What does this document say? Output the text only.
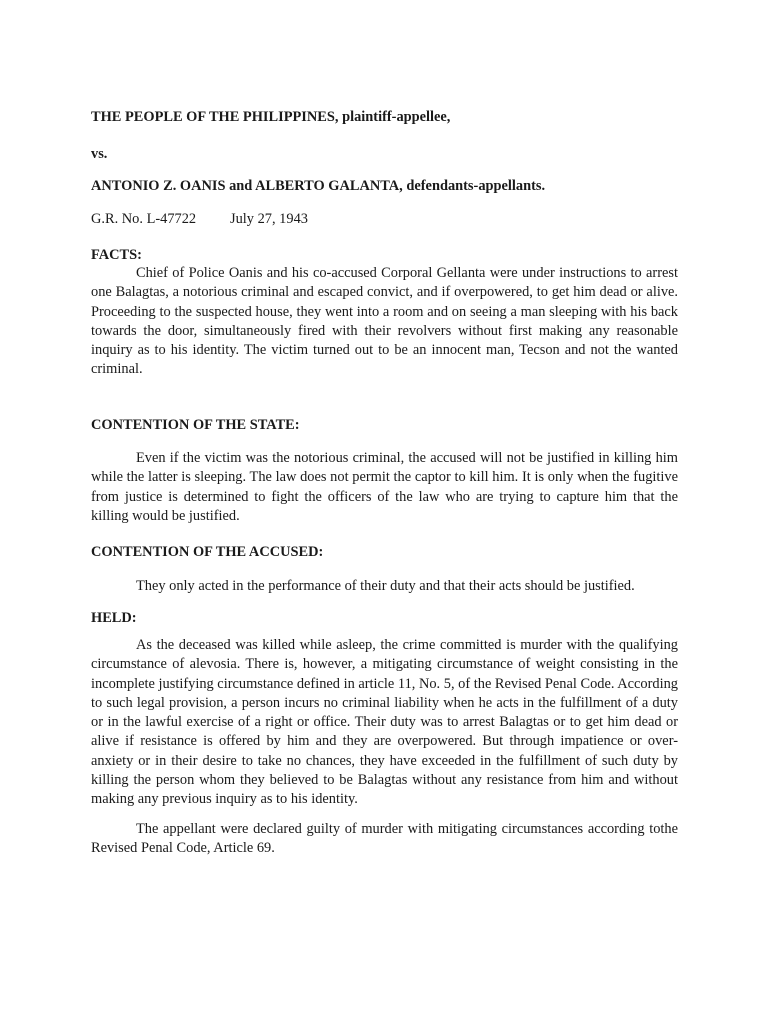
THE PEOPLE OF THE PHILIPPINES, plaintiff-appellee,
vs.
ANTONIO Z. OANIS and ALBERTO GALANTA, defendants-appellants.
G.R. No. L-47722 July 27, 1943
FACTS:
Chief of Police Oanis and his co-accused Corporal Gellanta were under instructions to arrest one Balagtas, a notorious criminal and escaped convict, and if overpowered, to get him dead or alive. Proceeding to the suspected house, they went into a room and on seeing a man sleeping with his back towards the door, simultaneously fired with their revolvers without first making any reasonable inquiry as to his identity. The victim turned out to be an innocent man, Tecson and not the wanted criminal.
CONTENTION OF THE STATE:
Even if the victim was the notorious criminal, the accused will not be justified in killing him while the latter is sleeping. The law does not permit the captor to kill him. It is only when the fugitive from justice is determined to fight the officers of the law who are trying to capture him that the killing would be justified.
CONTENTION OF THE ACCUSED:
They only acted in the performance of their duty and that their acts should be justified.
HELD:
As the deceased was killed while asleep, the crime committed is murder with the qualifying circumstance of alevosia. There is, however, a mitigating circumstance of weight consisting in the incomplete justifying circumstance defined in article 11, No. 5, of the Revised Penal Code. According to such legal provision, a person incurs no criminal liability when he acts in the fulfillment of a duty or in the lawful exercise of a right or office. Their duty was to arrest Balagtas or to get him dead or alive if resistance is offered by him and they are overpowered. But through impatience or over-anxiety or in their desire to take no chances, they have exceeded in the fulfillment of such duty by killing the person whom they believed to be Balagtas without any resistance from him and without making any previous inquiry as to his identity.
The appellant were declared guilty of murder with mitigating circumstances according tothe Revised Penal Code, Article 69.
